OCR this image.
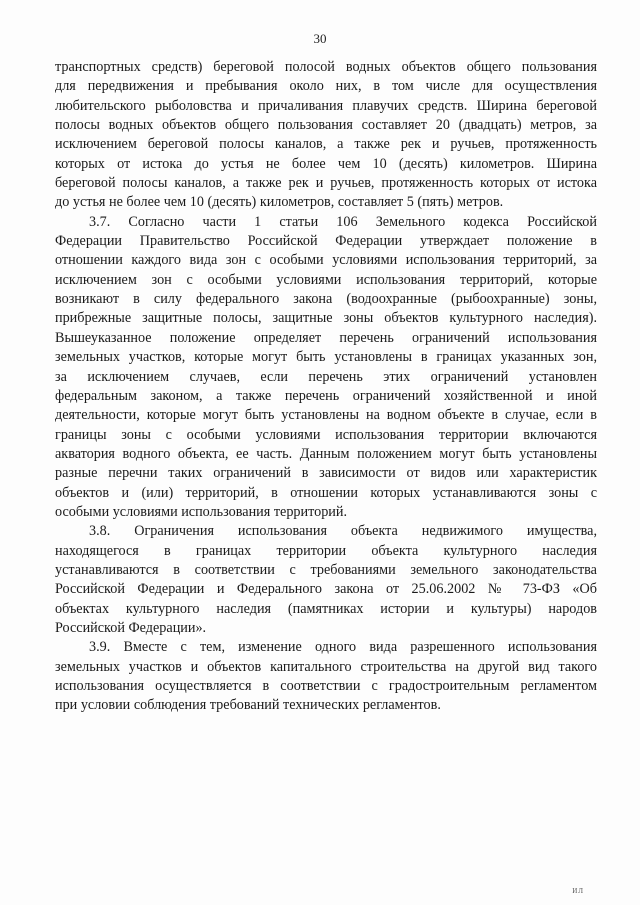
30
транспортных средств) береговой полосой водных объектов общего пользования
для передвижения и пребывания около них, в том числе для осуществления
любительского рыболовства и причаливания плавучих средств. Ширина береговой
полосы водных объектов общего пользования составляет 20 (двадцать) метров, за
исключением береговой полосы каналов, а также рек и ручьев, протяженность
которых от истока до устья не более чем 10 (десять) километров. Ширина
береговой полосы каналов, а также рек и ручьев, протяженность которых от истока
до устья не более чем 10 (десять) километров, составляет 5 (пять) метров.
3.7. Согласно части 1 статьи 106 Земельного кодекса Российской
Федерации Правительство Российской Федерации утверждает положение в
отношении каждого вида зон с особыми условиями использования территорий, за
исключением зон с особыми условиями использования территорий, которые
возникают в силу федерального закона (водоохранные (рыбоохранные) зоны,
прибрежные защитные полосы, защитные зоны объектов культурного наследия).
Вышеуказанное положение определяет перечень ограничений использования
земельных участков, которые могут быть установлены в границах указанных зон,
за исключением случаев, если перечень этих ограничений установлен
федеральным законом, а также перечень ограничений хозяйственной и иной
деятельности, которые могут быть установлены на водном объекте в случае, если в
границы зоны с особыми условиями использования территории включаются
акватория водного объекта, ее часть. Данным положением могут быть установлены
разные перечни таких ограничений в зависимости от видов или характеристик
объектов и (или) территорий, в отношении которых устанавливаются зоны с
особыми условиями использования территорий.
3.8. Ограничения использования объекта недвижимого имущества,
находящегося в границах территории объекта культурного наследия
устанавливаются в соответствии с требованиями земельного законодательства
Российской Федерации и Федерального закона от 25.06.2002 № 73-ФЗ «Об
объектах культурного наследия (памятниках истории и культуры) народов
Российской Федерации».
3.9. Вместе с тем, изменение одного вида разрешенного использования
земельных участков и объектов капитального строительства на другой вид такого
использования осуществляется в соответствии с градостроительным регламентом
при условии соблюдения требований технических регламентов.
ИЛ
